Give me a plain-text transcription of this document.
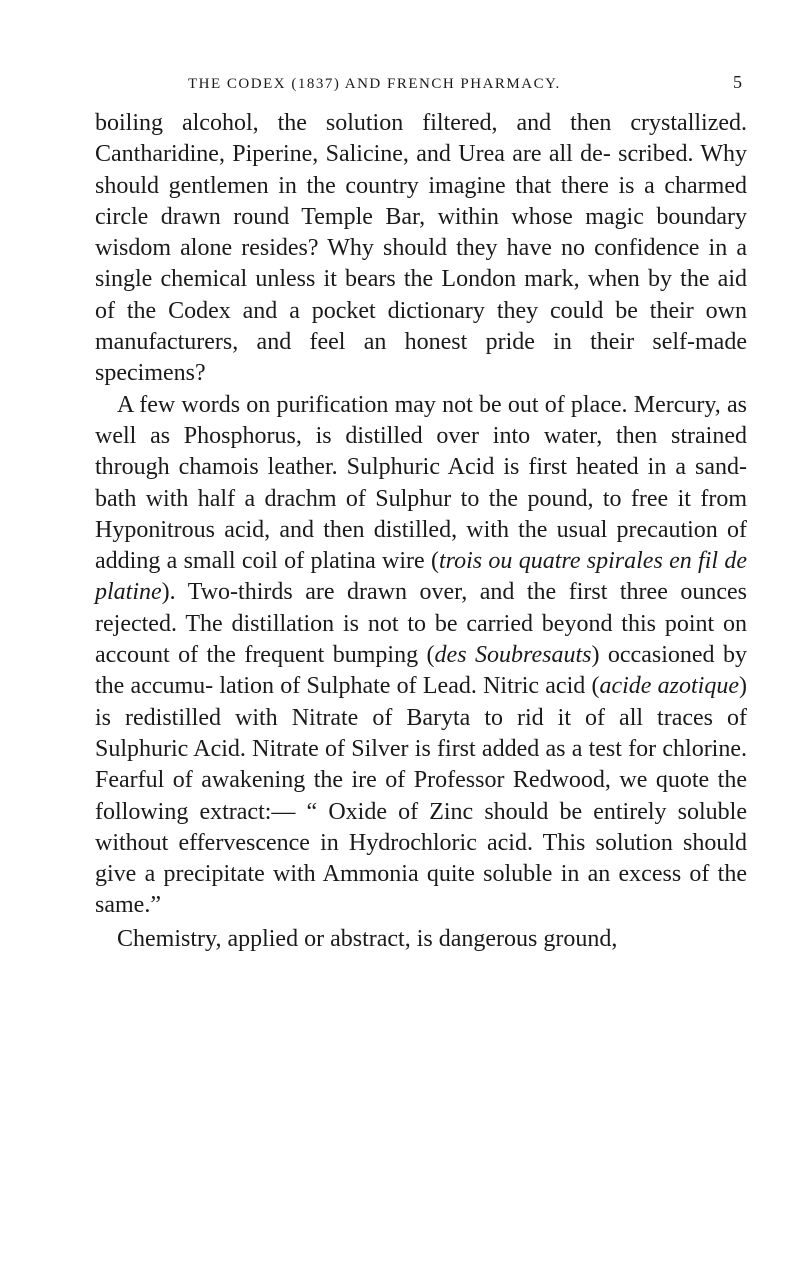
THE CODEX (1837) AND FRENCH PHARMACY.	5

boiling alcohol, the solution filtered, and then crystallized. Cantharidine, Piperine, Salicine, and Urea are all de- scribed. Why should gentlemen in the country imagine that there is a charmed circle drawn round Temple Bar, within whose magic boundary wisdom alone resides? Why should they have no confidence in a single chemical unless it bears the London mark, when by the aid of the Codex and a pocket dictionary they could be their own manufacturers, and feel an honest pride in their self-made specimens?

A few words on purification may not be out of place. Mercury, as well as Phosphorus, is distilled over into water, then strained through chamois leather. Sulphuric Acid is first heated in a sand-bath with half a drachm of Sulphur to the pound, to free it from Hyponitrous acid, and then distilled, with the usual precaution of adding a small coil of platina wire (trois ou quatre spirales en fil de platine). Two-thirds are drawn over, and the first three ounces rejected. The distillation is not to be carried beyond this point on account of the frequent bumping (des Soubresauts) occasioned by the accumu- lation of Sulphate of Lead. Nitric acid (acide azotique) is redistilled with Nitrate of Baryta to rid it of all traces of Sulphuric Acid. Nitrate of Silver is first added as a test for chlorine. Fearful of awakening the ire of Professor Redwood, we quote the following extract:— “ Oxide of Zinc should be entirely soluble without effervescence in Hydrochloric acid. This solution should give a precipitate with Ammonia quite soluble in an excess of the same.”

Chemistry, applied or abstract, is dangerous ground,
